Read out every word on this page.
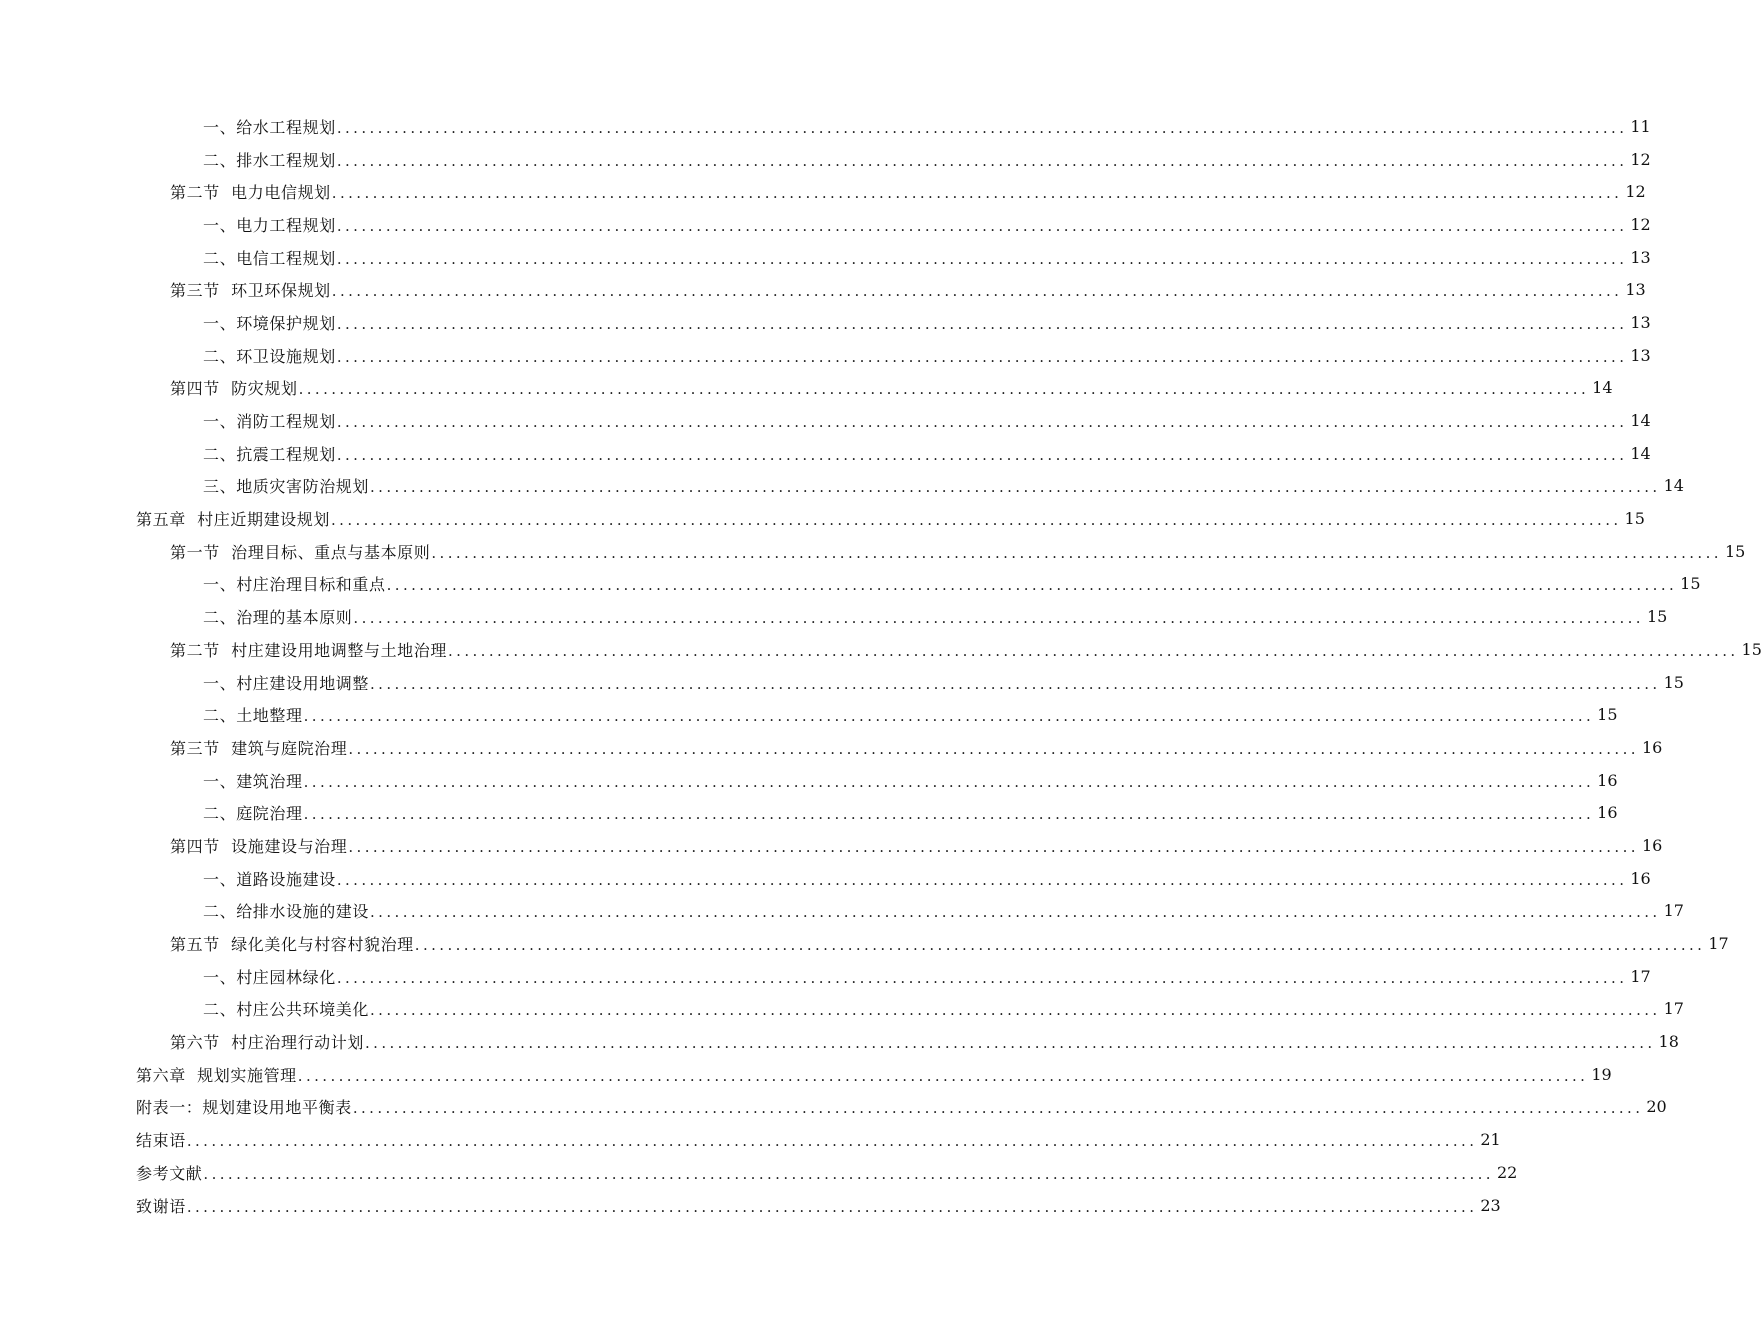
一、给水工程规划 .............................................................................................................................................................. 11
二、排水工程规划 .............................................................................................................................................................. 12
第二节  电力电信规划 .............................................................................................................................................................. 12
一、电力工程规划 .............................................................................................................................................................. 12
二、电信工程规划 .............................................................................................................................................................. 13
第三节  环卫环保规划 .............................................................................................................................................................. 13
一、环境保护规划 .............................................................................................................................................................. 13
二、环卫设施规划 .............................................................................................................................................................. 13
第四节  防灾规划 .............................................................................................................................................................. 14
一、消防工程规划 .............................................................................................................................................................. 14
二、抗震工程规划 .............................................................................................................................................................. 14
三、地质灾害防治规划 .............................................................................................................................................................. 14
第五章  村庄近期建设规划 .............................................................................................................................................................. 15
第一节  治理目标、重点与基本原则 .............................................................................................................................................................. 15
一、村庄治理目标和重点 .............................................................................................................................................................. 15
二、治理的基本原则 .............................................................................................................................................................. 15
第二节  村庄建设用地调整与土地治理 .............................................................................................................................................................. 15
一、村庄建设用地调整 .............................................................................................................................................................. 15
二、土地整理 .............................................................................................................................................................. 15
第三节  建筑与庭院治理 .............................................................................................................................................................. 16
一、建筑治理 .............................................................................................................................................................. 16
二、庭院治理 .............................................................................................................................................................. 16
第四节  设施建设与治理 .............................................................................................................................................................. 16
一、道路设施建设 .............................................................................................................................................................. 16
二、给排水设施的建设 .............................................................................................................................................................. 17
第五节  绿化美化与村容村貌治理 .............................................................................................................................................................. 17
一、村庄园林绿化 .............................................................................................................................................................. 17
二、村庄公共环境美化 .............................................................................................................................................................. 17
第六节  村庄治理行动计划 .............................................................................................................................................................. 18
第六章  规划实施管理 .............................................................................................................................................................. 19
附表一：规划建设用地平衡表 .............................................................................................................................................................. 20
结束语 .............................................................................................................................................................. 21
参考文献 .............................................................................................................................................................. 22
致谢语 .............................................................................................................................................................. 23
